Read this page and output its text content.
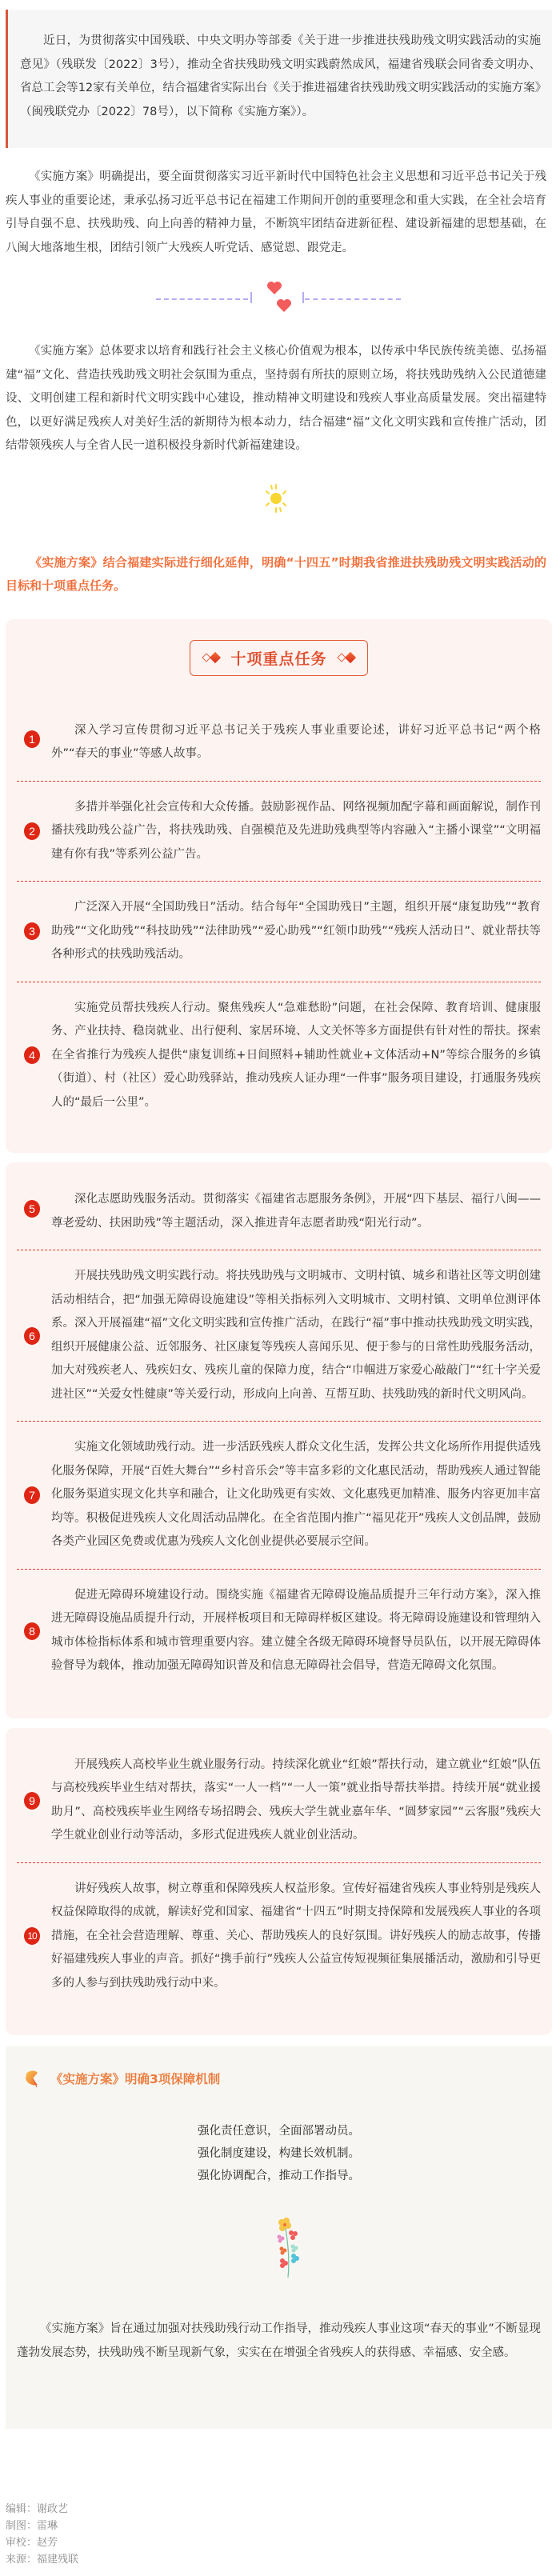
近日，为贯彻落实中国残联、中央文明办等部委《关于进一步推进扶残助残文明实践活动的实施意见》（残联发〔2022〕3号），推动全省扶残助残文明实践蔚然成风，福建省残联会同省委文明办、省总工会等12家有关单位，结合福建省实际出台《关于推进福建省扶残助残文明实践活动的实施方案》（闽残联党办〔2022〕78号），以下简称《实施方案》）。

《实施方案》明确提出，要全面贯彻落实习近平新时代中国特色社会主义思想和习近平总书记关于残疾人事业的重要论述，秉承弘扬习近平总书记在福建工作期间开创的重要理念和重大实践，在全社会培育引导自强不息、扶残助残、向上向善的精神力量，不断筑牢团结奋进新征程、建设新福建的思想基础，在八闽大地落地生根，团结引领广大残疾人听党话、感觉恩、跟党走。

《实施方案》总体要求以培育和践行社会主义核心价值观为根本，以传承中华民族传统美德、弘扬福建“福”文化、营造扶残助残文明社会氛围为重点，坚持弱有所扶的原则立场，将扶残助残纳入公民道德建设、文明创建工程和新时代文明实践中心建设，推动精神文明建设和残疾人事业高质量发展。突出福建特色，以更好满足残疾人对美好生活的新期待为根本动力，结合福建“福”文化文明实践和宣传推广活动，团结带领残疾人与全省人民一道积极投身新时代新福建建设。

《实施方案》结合福建实际进行细化延伸，明确“十四五”时期我省推进扶残助残文明实践活动的目标和十项重点任务。

十项重点任务
1

深入学习宣传贯彻习近平总书记关于残疾人事业重要论述，讲好习近平总书记“两个格外”“春天的事业”等感人故事。

2

多措并举强化社会宣传和大众传播。鼓励影视作品、网络视频加配字幕和画面解说，制作刊播扶残助残公益广告，将扶残助残、自强模范及先进助残典型等内容融入“主播小课堂”“文明福建有你有我”等系列公益广告。

3

广泛深入开展“全国助残日”活动。结合每年“全国助残日”主题，组织开展“康复助残”“教育助残”“文化助残”“科技助残”“法律助残”“爱心助残”“红领巾助残”“残疾人活动日”、就业帮扶等各种形式的扶残助残活动。

4

实施党员帮扶残疾人行动。聚焦残疾人“急难愁盼”问题，在社会保障、教育培训、健康服务、产业扶持、稳岗就业、出行便利、家居环境、人文关怀等多方面提供有针对性的帮扶。探索在全省推行为残疾人提供“康复训练+日间照料+辅助性就业+文体活动+N”等综合服务的乡镇（街道）、村（社区）爱心助残驿站，推动残疾人证办理“一件事”服务项目建设，打通服务残疾人的“最后一公里”。

5

深化志愿助残服务活动。贯彻落实《福建省志愿服务条例》，开展“四下基层、福行八闽——尊老爱幼、扶困助残”等主题活动，深入推进青年志愿者助残“阳光行动”。

6

开展扶残助残文明实践行动。将扶残助残与文明城市、文明村镇、城乡和谐社区等文明创建活动相结合，把“加强无障碍设施建设”等相关指标列入文明城市、文明村镇、文明单位测评体系。深入开展福建“福”文化文明实践和宣传推广活动，在践行“福”事中推动扶残助残文明实践，组织开展健康公益、近邻服务、社区康复等残疾人喜闻乐见、便于参与的日常性助残服务活动，加大对残疾老人、残疾妇女、残疾儿童的保障力度，结合“巾帼进万家爱心敲敲门”“红十字关爱进社区”“关爱女性健康”等关爱行动，形成向上向善、互帮互助、扶残助残的新时代文明风尚。

7

实施文化领域助残行动。进一步活跃残疾人群众文化生活，发挥公共文化场所作用提供适残化服务保障，开展“百姓大舞台”“乡村音乐会”等丰富多彩的文化惠民活动，帮助残疾人通过智能化服务渠道实现文化共享和融合，让文化助残更有实效、文化惠残更加精准、服务内容更加丰富均等。积极促进残疾人文化周活动品牌化。在全省范围内推广“福见花开”残疾人文创品牌，鼓励各类产业园区免费或优惠为残疾人文化创业提供必要展示空间。

8

促进无障碍环境建设行动。围绕实施《福建省无障碍设施品质提升三年行动方案》，深入推进无障碍设施品质提升行动，开展样板项目和无障碍样板区建设。将无障碍设施建设和管理纳入城市体检指标体系和城市管理重要内容。建立健全各级无障碍环境督导员队伍，以开展无障碍体验督导为载体，推动加强无障碍知识普及和信息无障碍社会倡导，营造无障碍文化氛围。

9

开展残疾人高校毕业生就业服务行动。持续深化就业“红娘”帮扶行动，建立就业“红娘”队伍与高校残疾毕业生结对帮扶，落实“一人一档”“一人一策”就业指导帮扶举措。持续开展“就业援助月”、高校残疾毕业生网络专场招聘会、残疾大学生就业嘉年华、“圆梦家园”“云客服”残疾大学生就业创业行动等活动，多形式促进残疾人就业创业活动。

10

讲好残疾人故事，树立尊重和保障残疾人权益形象。宣传好福建省残疾人事业特别是残疾人权益保障取得的成就，解读好党和国家、福建省“十四五”时期支持保障和发展残疾人事业的各项措施，在全社会营造理解、尊重、关心、帮助残疾人的良好氛围。讲好残疾人的励志故事，传播好福建残疾人事业的声音。抓好“携手前行”残疾人公益宣传短视频征集展播活动，激励和引导更多的人参与到扶残助残行动中来。

《实施方案》明确3项保障机制
强化责任意识，全面部署动员。
强化制度建设，构建长效机制。
强化协调配合，推动工作指导。

《实施方案》旨在通过加强对扶残助残行动工作指导，推动残疾人事业这项“春天的事业”不断显现蓬勃发展态势，扶残助残不断呈现新气象，实实在在增强全省残疾人的获得感、幸福感、安全感。

编辑：谢政艺
制图：雷琳
审校：赵芳
来源：福建残联
